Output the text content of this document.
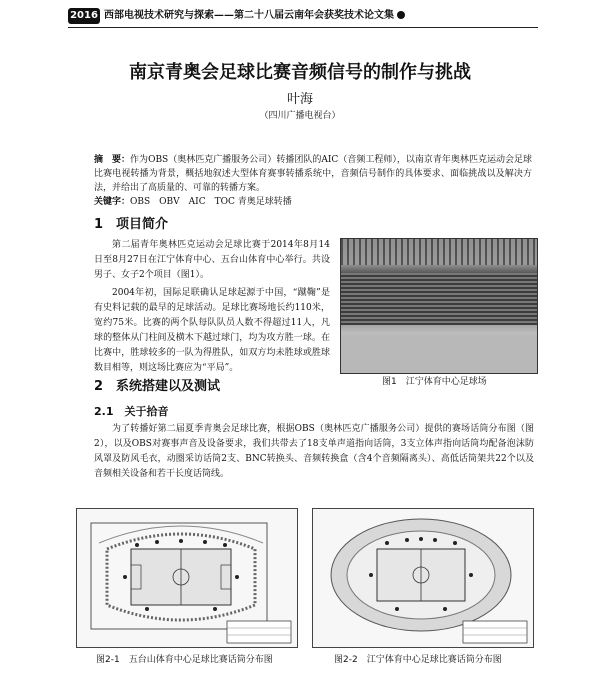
2016 西部电视技术研究与探索——第二十八届云南年会获奖技术论文集
南京青奥会足球比赛音频信号的制作与挑战
叶海
（四川广播电视台）
摘　要：作为OBS（奥林匹克广播服务公司）转播团队的AIC（音频工程师），以南京青年奥林匹克运动会足球比赛电视转播为背景，概括地叙述大型体育赛事转播系统中，音频信号制作的具体要求、面临挑战以及解决方法，并给出了高质量的、可靠的转播方案。
关键字：OBS　OBV　AIC　TOC 青奥足球转播
1　项目简介
第二届青年奥林匹克运动会足球比赛于2014年8月14日至8月27日在江宁体育中心、五台山体育中心举行。共设男子、女子2个项目（图1）。
2004年初，国际足联确认足球起源于中国，“蹴鞠”是有史料记载的最早的足球活动。足球比赛场地长约110米，宽约75米。比赛的两个队每队队员人数不得超过11人，凡球的整体从门柱间及横木下越过球门，均为攻方胜一球。在比赛中，胜球较多的一队为得胜队，如双方均未胜球或胜球数目相等，则这场比赛应为“平局”。
图1　江宁体育中心足球场
2　系统搭建以及测试
2.1　关于拾音
为了转播好第二届夏季青奥会足球比赛，根据OBS（奥林匹克广播服务公司）提供的赛场话筒分布图（图2），以及OBS对赛事声音及设备要求，我们共带去了18支单声道指向话筒，3支立体声指向话筒均配备泡沫防风罩及防风毛衣，动圈采访话筒2支、BNC转换头、音频转换盒（含4个音频隔离头）、高低话筒架共22个以及音频相关设备和若干长度话筒线。
图2-1　五台山体育中心足球比赛话筒分布图	图2-2　江宁体育中心足球比赛话筒分布图
